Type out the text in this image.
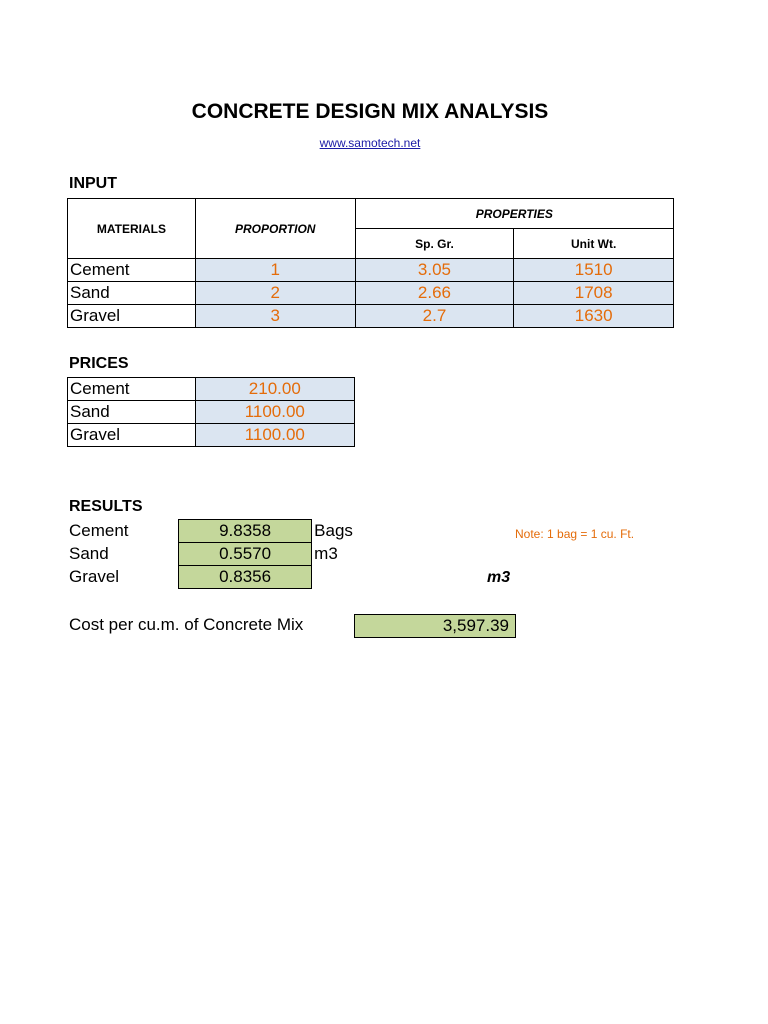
CONCRETE DESIGN MIX ANALYSIS
www.samotech.net
INPUT
MATERIALS	PROPORTION	PROPERTIES	
		Sp. Gr.	Unit Wt.
Cement	1	3.05	1510
Sand	2	2.66	1708
Gravel	3	2.7	1630
PRICES
Cement	210.00
Sand	1100.00
Gravel	1100.00
RESULTS
Cement	9.8358	Bags
Sand	0.5570	m3
Gravel	0.8356	
Note: 1 bag = 1 cu. Ft.
m3
Cost per cu.m. of Concrete Mix	3,597.39
